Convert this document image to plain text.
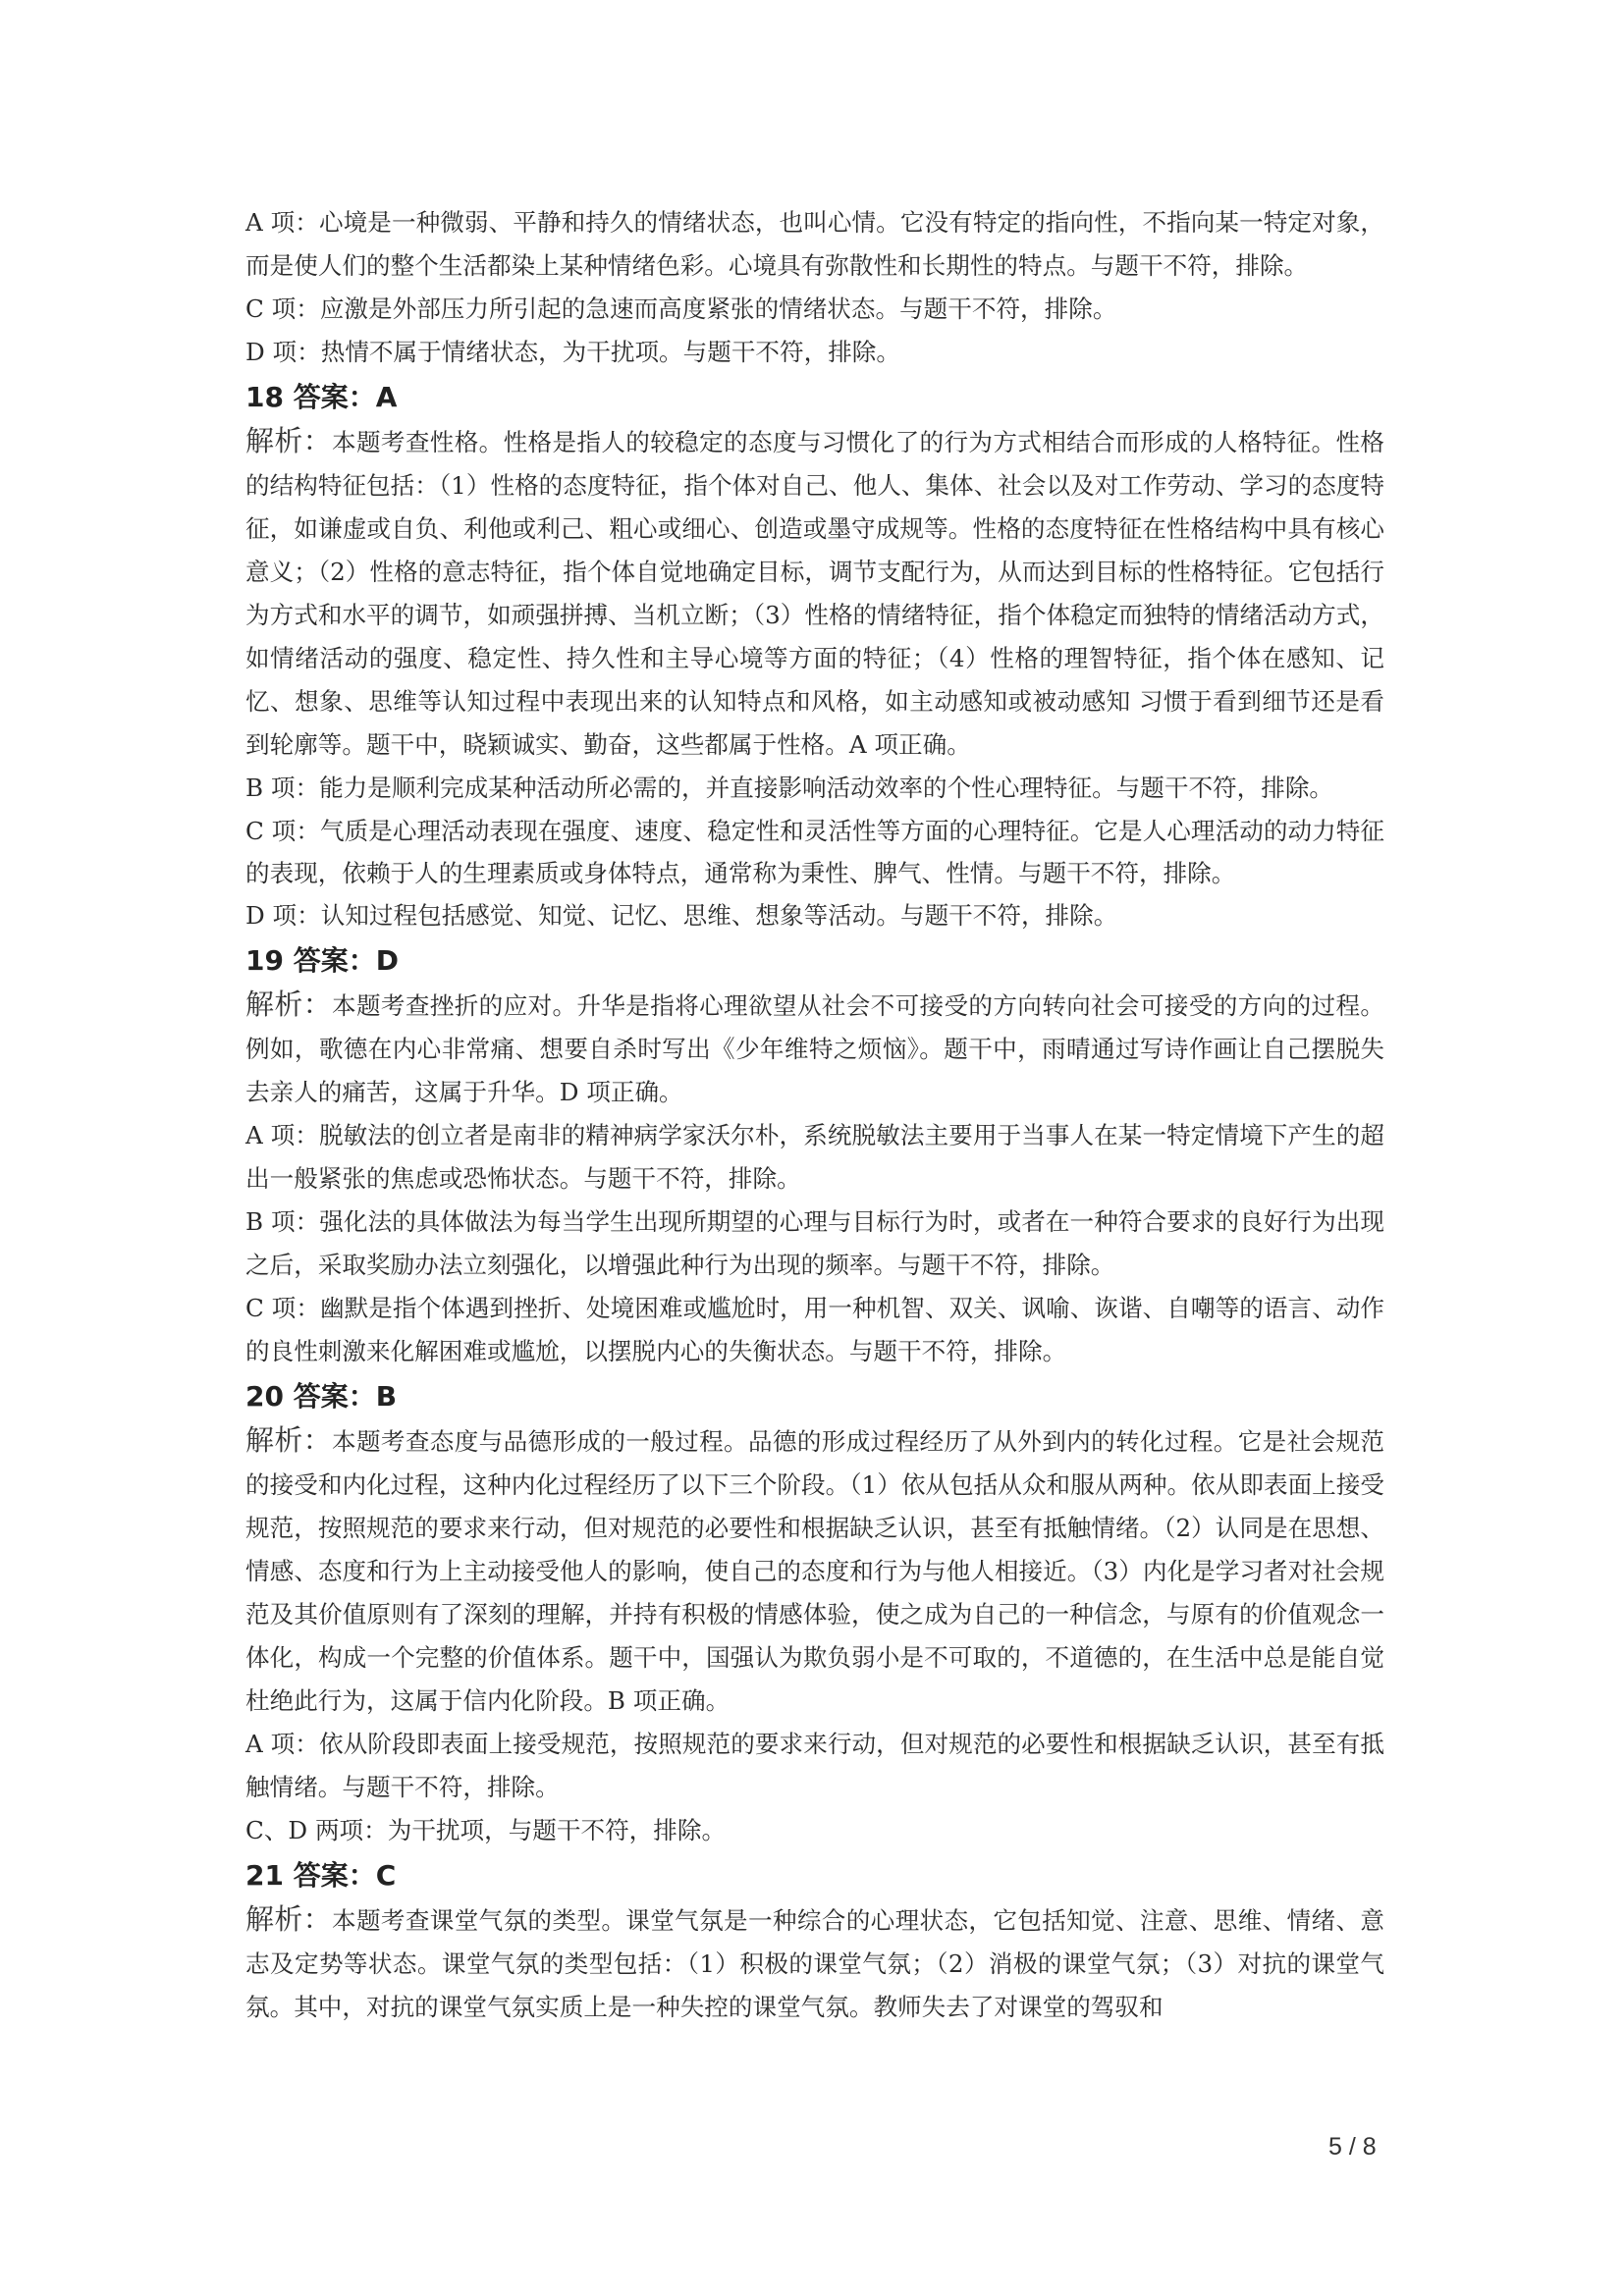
A 项：心境是一种微弱、平静和持久的情绪状态，也叫心情。它没有特定的指向性，不指向某一特定对象，而是使人们的整个生活都染上某种情绪色彩。心境具有弥散性和长期性的特点。与题干不符，排除。

C 项：应激是外部压力所引起的急速而高度紧张的情绪状态。与题干不符，排除。

D 项：热情不属于情绪状态，为干扰项。与题干不符，排除。

18 答案：A

解析：本题考查性格。性格是指人的较稳定的态度与习惯化了的行为方式相结合而形成的人格特征。性格的结构特征包括：（1）性格的态度特征，指个体对自己、他人、集体、社会以及对工作劳动、学习的态度特征，如谦虚或自负、利他或利己、粗心或细心、创造或墨守成规等。性格的态度特征在性格结构中具有核心意义；（2）性格的意志特征，指个体自觉地确定目标，调节支配行为，从而达到目标的性格特征。它包括行为方式和水平的调节，如顽强拼搏、当机立断；（3）性格的情绪特征，指个体稳定而独特的情绪活动方式，如情绪活动的强度、稳定性、持久性和主导心境等方面的特征；（4）性格的理智特征，指个体在感知、记忆、想象、思维等认知过程中表现出来的认知特点和风格，如主动感知或被动感知 习惯于看到细节还是看到轮廓等。题干中，晓颖诚实、勤奋，这些都属于性格。A 项正确。

B 项：能力是顺利完成某种活动所必需的，并直接影响活动效率的个性心理特征。与题干不符，排除。

C 项：气质是心理活动表现在强度、速度、稳定性和灵活性等方面的心理特征。它是人心理活动的动力特征的表现，依赖于人的生理素质或身体特点，通常称为秉性、脾气、性情。与题干不符，排除。

D 项：认知过程包括感觉、知觉、记忆、思维、想象等活动。与题干不符，排除。

19 答案：D

解析：本题考查挫折的应对。升华是指将心理欲望从社会不可接受的方向转向社会可接受的方向的过程。例如，歌德在内心非常痛、想要自杀时写出《少年维特之烦恼》。题干中，雨晴通过写诗作画让自己摆脱失去亲人的痛苦，这属于升华。D 项正确。

A 项：脱敏法的创立者是南非的精神病学家沃尔朴，系统脱敏法主要用于当事人在某一特定情境下产生的超出一般紧张的焦虑或恐怖状态。与题干不符，排除。

B 项：强化法的具体做法为每当学生出现所期望的心理与目标行为时，或者在一种符合要求的良好行为出现之后，采取奖励办法立刻强化，以增强此种行为出现的频率。与题干不符，排除。

C 项：幽默是指个体遇到挫折、处境困难或尴尬时，用一种机智、双关、讽喻、诙谐、自嘲等的语言、动作的良性刺激来化解困难或尴尬，以摆脱内心的失衡状态。与题干不符，排除。

20 答案：B

解析：本题考查态度与品德形成的一般过程。品德的形成过程经历了从外到内的转化过程。它是社会规范的接受和内化过程，这种内化过程经历了以下三个阶段。（1）依从包括从众和服从两种。依从即表面上接受规范，按照规范的要求来行动，但对规范的必要性和根据缺乏认识，甚至有抵触情绪。（2）认同是在思想、情感、态度和行为上主动接受他人的影响，使自己的态度和行为与他人相接近。（3）内化是学习者对社会规范及其价值原则有了深刻的理解，并持有积极的情感体验，使之成为自己的一种信念，与原有的价值观念一体化，构成一个完整的价值体系。题干中，国强认为欺负弱小是不可取的，不道德的，在生活中总是能自觉杜绝此行为，这属于信内化阶段。B 项正确。

A 项：依从阶段即表面上接受规范，按照规范的要求来行动，但对规范的必要性和根据缺乏认识，甚至有抵触情绪。与题干不符，排除。

C、D 两项：为干扰项，与题干不符，排除。

21 答案：C

解析：本题考查课堂气氛的类型。课堂气氛是一种综合的心理状态，它包括知觉、注意、思维、情绪、意志及定势等状态。课堂气氛的类型包括：（1）积极的课堂气氛；（2）消极的课堂气氛；（3）对抗的课堂气氛。其中，对抗的课堂气氛实质上是一种失控的课堂气氛。教师失去了对课堂的驾驭和

5 / 8
